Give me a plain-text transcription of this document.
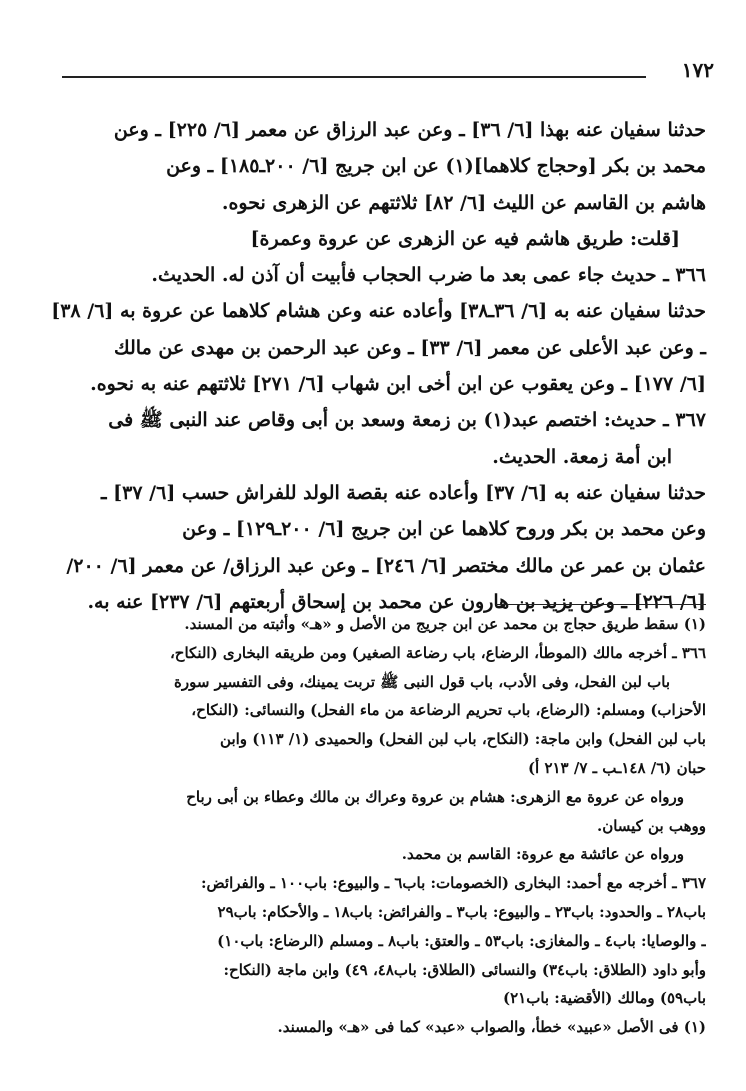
١٧٢
حدثنا سفيان عنه بهذا [٦/ ٣٦] ـ وعن عبد الرزاق عن معمر [٦/ ٢٢٥] ـ وعن
محمد بن بكر [وحجاج كلاهما](١) عن ابن جريج [٦/ ٢٠٠ـ١٨٥] ـ وعن
هاشم بن القاسم عن الليث [٦/ ٨٢] ثلاثتهم عن الزهرى نحوه.
[قلت: طريق هاشم فيه عن الزهرى عن عروة وعمرة]
٣٦٦ ـ حديث جاء عمى بعد ما ضرب الحجاب فأبيت أن آذن له. الحديث.
حدثنا سفيان عنه به [٦/ ٣٦ـ٣٨] وأعاده عنه وعن هشام كلاهما عن عروة به [٦/ ٣٨]
ـ وعن عبد الأعلى عن معمر [٦/ ٣٣] ـ وعن عبد الرحمن بن مهدى عن مالك
[٦/ ١٧٧] ـ وعن يعقوب عن ابن أخى ابن شهاب [٦/ ٢٧١] ثلاثتهم عنه به نحوه.
٣٦٧ ـ حديث: اختصم عبد(١) بن زمعة وسعد بن أبى وقاص عند النبى ﷺ فى
ابن أمة زمعة. الحديث.
حدثنا سفيان عنه به [٦/ ٣٧] وأعاده عنه بقصة الولد للفراش حسب [٦/ ٣٧] ـ
وعن محمد بن بكر وروح كلاهما عن ابن جريج [٦/ ٢٠٠ـ١٢٩] ـ وعن
عثمان بن عمر عن مالك مختصر [٦/ ٢٤٦] ـ وعن عبد الرزاق/ عن معمر [٦/ ٢٠٠/
[٦/ ٢٢٦] ـ وعن يزيد بن هارون عن محمد بن إسحاق أربعتهم [٦/ ٢٣٧] عنه به.
(١) سقط طريق حجاج بن محمد عن ابن جريج من الأصل و «هـ» وأثبته من المسند.
٣٦٦ ـ أخرجه مالك (الموطأ، الرضاع، باب رضاعة الصغير) ومن طريقه البخارى (النكاح،
باب لبن الفحل، وفى الأدب، باب قول النبى ﷺ تربت يمينك، وفى التفسير سورة
الأحزاب) ومسلم: (الرضاع، باب تحريم الرضاعة من ماء الفحل) والنسائى: (النكاح،
باب لبن الفحل) وابن ماجة: (النكاح، باب لبن الفحل) والحميدى (١/ ١١٣) وابن
حبان (٦/ ١٤٨ـب ـ ٧/ ٢١٣ أ)
ورواه عن عروة مع الزهرى: هشام بن عروة وعراك بن مالك وعطاء بن أبى رباح
ووهب بن كيسان.
ورواه عن عائشة مع عروة: القاسم بن محمد.
٣٦٧ ـ أخرجه مع أحمد: البخارى (الخصومات: باب٦ ـ والبيوع: باب١٠٠ ـ والفرائض:
باب٢٨ ـ والحدود: باب٢٣ ـ والبيوع: باب٣ ـ والفرائض: باب١٨ ـ والأحكام: باب٢٩
ـ والوصايا: باب٤ ـ والمغازى: باب٥٣ ـ والعتق: باب٨ ـ ومسلم (الرضاع: باب١٠)
وأبو داود (الطلاق: باب٣٤) والنسائى (الطلاق: باب٤٨، ٤٩) وابن ماجة (النكاح:
باب٥٩) ومالك (الأقضية: باب٢١)
(١) فى الأصل «عبيد» خطأ، والصواب «عبد» كما فى «هـ» والمسند.
